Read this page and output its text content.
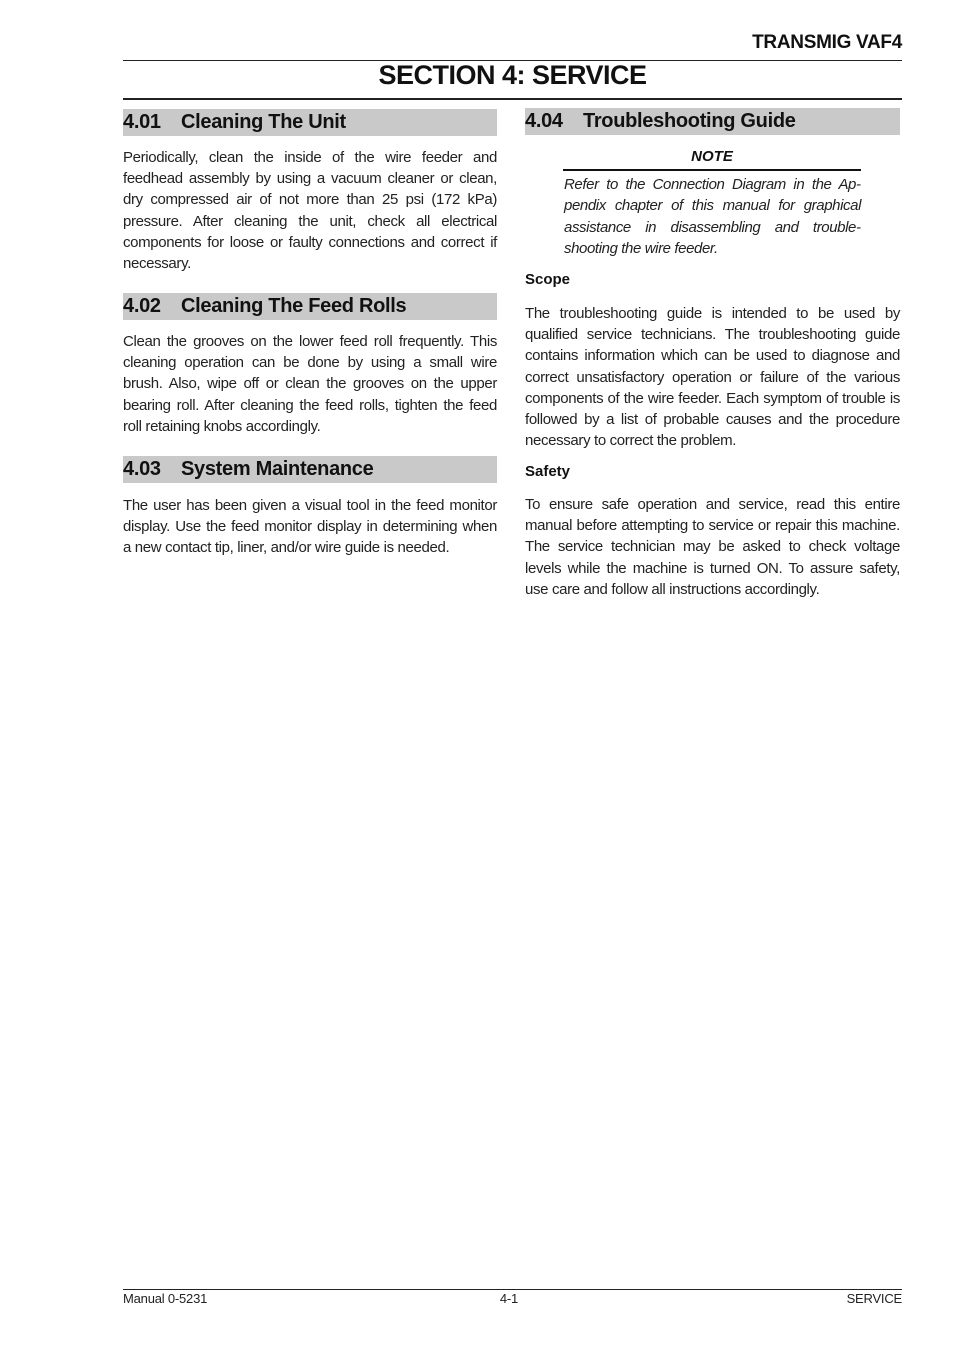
TRANSMIG VAF4
SECTION 4: SERVICE
4.01 Cleaning The Unit
Periodically, clean the inside of the wire feeder and feedhead assembly by using a vacuum cleaner or clean, dry compressed air of not more than 25 psi (172 kPa) pressure. After cleaning the unit, check all electrical components for loose or faulty connections and correct if necessary.
4.02 Cleaning The Feed Rolls
Clean the grooves on the lower feed roll frequently. This cleaning operation can be done by using a small wire brush. Also, wipe off or clean the grooves on the upper bearing roll. After cleaning the feed rolls, tighten the feed roll retaining knobs accordingly.
4.03 System Maintenance
The user has been given a visual tool in the feed monitor display. Use the feed monitor display in determining when a new contact tip, liner, and/or wire guide is needed.
4.04 Troubleshooting Guide
NOTE
Refer to the Connection Diagram in the Appendix chapter of this manual for graphical assistance in disassembling and troubleshooting the wire feeder.
Scope
The troubleshooting guide is intended to be used by qualified service technicians. The troubleshooting guide contains information which can be used to diagnose and correct unsatisfactory operation or failure of the various components of the wire feeder. Each symptom of trouble is followed by a list of probable causes and the procedure necessary to correct the problem.
Safety
To ensure safe operation and service, read this entire manual before attempting to service or repair this machine. The service technician may be asked to check voltage levels while the machine is turned ON. To assure safety, use care and follow all instructions accordingly.
Manual 0-5231	4-1	SERVICE
